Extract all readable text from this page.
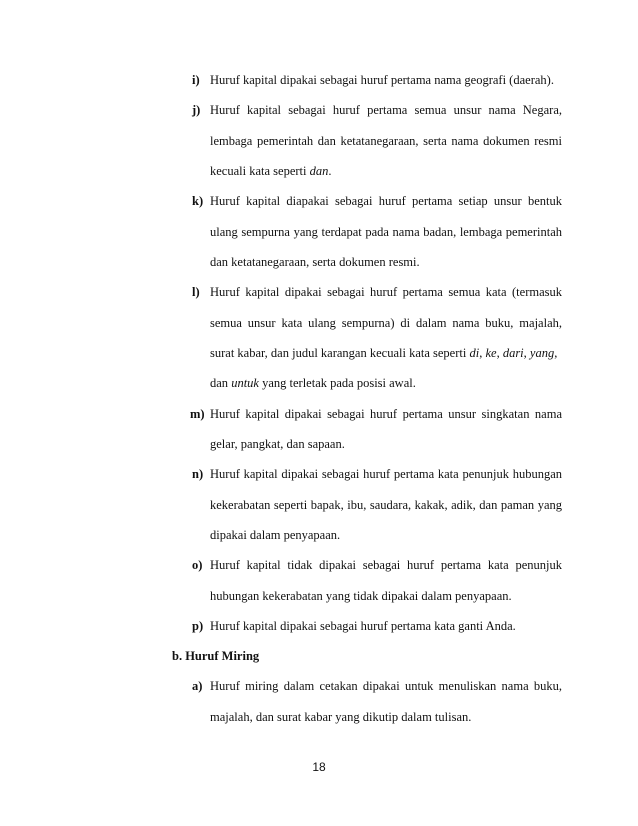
i) Huruf kapital dipakai sebagai huruf pertama nama geografi (daerah).
j) Huruf kapital sebagai huruf pertama semua unsur nama Negara,
lembaga pemerintah dan ketatanegaraan, serta nama dokumen resmi
kecuali kata seperti dan.
k) Huruf kapital diapakai sebagai huruf pertama setiap unsur bentuk
ulang sempurna yang terdapat pada nama badan, lembaga pemerintah
dan ketatanegaraan, serta dokumen resmi.
l) Huruf kapital dipakai sebagai huruf pertama semua kata (termasuk
semua unsur kata ulang sempurna) di dalam nama buku, majalah,
surat kabar, dan judul karangan kecuali kata seperti di, ke, dari, yang,
dan untuk yang terletak pada posisi awal.
m) Huruf kapital dipakai sebagai huruf pertama unsur singkatan nama
gelar, pangkat, dan sapaan.
n) Huruf kapital dipakai sebagai huruf pertama kata penunjuk hubungan
kekerabatan seperti bapak, ibu, saudara, kakak, adik, dan paman yang
dipakai dalam penyapaan.
o) Huruf kapital tidak dipakai sebagai huruf pertama kata penunjuk
hubungan kekerabatan yang tidak dipakai dalam penyapaan.
p) Huruf kapital dipakai sebagai huruf pertama kata ganti Anda.
b. Huruf Miring
a) Huruf miring dalam cetakan dipakai untuk menuliskan nama buku,
majalah, dan surat kabar yang dikutip dalam tulisan.
18
